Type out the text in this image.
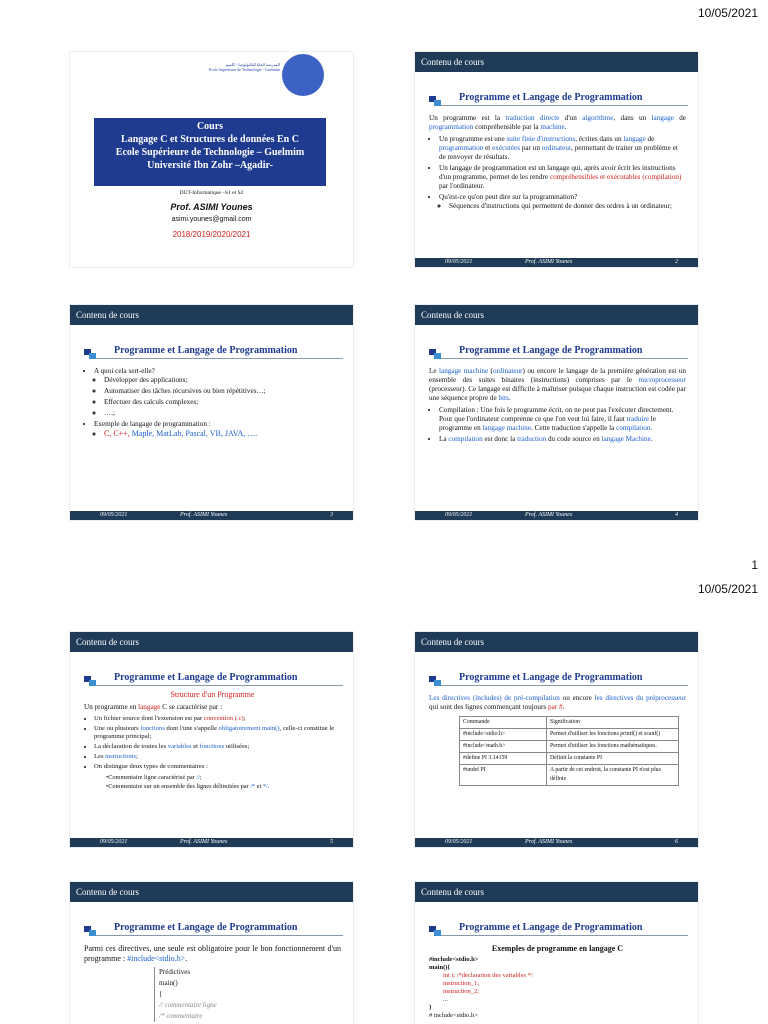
10/05/2021
1
10/05/2021
المدرسة العليا للتكنولوجيا - كلميم
Ecole Supérieure de Technologie - Guelmim
Cours
Langage C et Structures de données En C
Ecole Supérieure de Technologie – Guelmim
Université Ibn Zohr –Agadir-
DUT-Informatique –S1 et S2
Prof. ASIMI Younes
asimi.younes@gmail.com
2018/2019/2020/2021
Contenu de cours
Programme et Langage de Programmation

Un programme est la traduction directe d'un algorithme, dans un langage de programmation compréhensible par la machine.

• Un programme est une suite finie d'instructions, écrites dans un langage de programmation et exécutées par un ordinateur, permettant de traiter un problème et de renvoyer de résultats.
• Un langage de programmation est un langage qui, après avoir écrit les instructions d'un programme, permet de les rendre compréhensibles et exécutables (compilation) par l'ordinateur.
• Qu'est-ce qu'on peut dire sur la programmation?
◦ Séquences d'instructions qui permettent de donner des ordres à un ordinateur;
09/05/2021	Prof. ASIMI Younes	2
Contenu de cours
Programme et Langage de Programmation
• A quoi cela sert-elle?
◦ Développer des applications;
◦ Automatiser des tâches récursives ou bien répétitives…;
◦ Effectuer des calculs complexes;
◦ ….;
• Exemple de langage de programmation :
◦ C, C++, Maple, MatLab, Pascal, VB, JAVA, ….
09/05/2021	Prof. ASIMI Younes	3
Contenu de cours
Programme et Langage de Programmation

Le langage machine (ordinateur) ou encore le langage de la première génération est un ensemble des suites binaires (instructions) comprises par le microprocesseur (processeur). Ce langage est difficile à maîtriser puisque chaque instruction est codée par une séquence propre de bits.

• Compilation : Une fois le programme écrit, on ne peut pas l'exécuter directement. Pour que l'ordinateur comprenne ce que l'on veut lui faire, il faut traduire le programme en langage machine. Cette traduction s'appelle la compilation.
• La compilation est donc la traduction du code source en langage Machine.
09/05/2021	Prof. ASIMI Younes	4
Contenu de cours
Programme et Langage de Programmation

Structure d'un Programme

Un programme en langage C se caractérise par :

• Un fichier source dont l'extension est par convention (.c);
• Une ou plusieurs fonctions dont l'une s'appelle obligatoirement main(), celle-ci constitue le programme principal;
• La déclaration de toutes les variables et fonctions utilisées;
• Les instructions;
• On distingue deux types de commentaires :
•Commentaire ligne caractérisé par //;
•Commentaire sur un ensemble des lignes délimitées par /* et */.
09/05/2021	Prof. ASIMI Younes	5
Contenu de cours
Programme et Langage de Programmation

Les directives (includes) de pré-compilation ou encore les directives du préprocesseur qui sont des lignes commençant toujours par #.

Commande	Signification
#include<stdio.h>	Permet d'utiliser les fonctions printf() et scanf()
#include<math.h>	Permet d'utiliser les fonctions mathématiques.
#define PI 3.14159	Définit la constante PI
#undef PI	A partir de cet endroit, la constante PI n'est plus définie
09/05/2021	Prof. ASIMI Younes	6
Contenu de cours
Programme et Langage de Programmation

Parmi ces directives, une seule est obligatoire pour le bon fonctionnement d'un programme : #include<stdio.h>.

Prédictives
main()
{
// commentaire ligne
/* commentaire
Contenu de cours
Programme et Langage de Programmation

Exemples de programme en langage C

#include<stdio.h>
main(){
int i; /*déclaration des variables */
instruction_1;
instruction_2;
...
}
# include<stdio.h>
